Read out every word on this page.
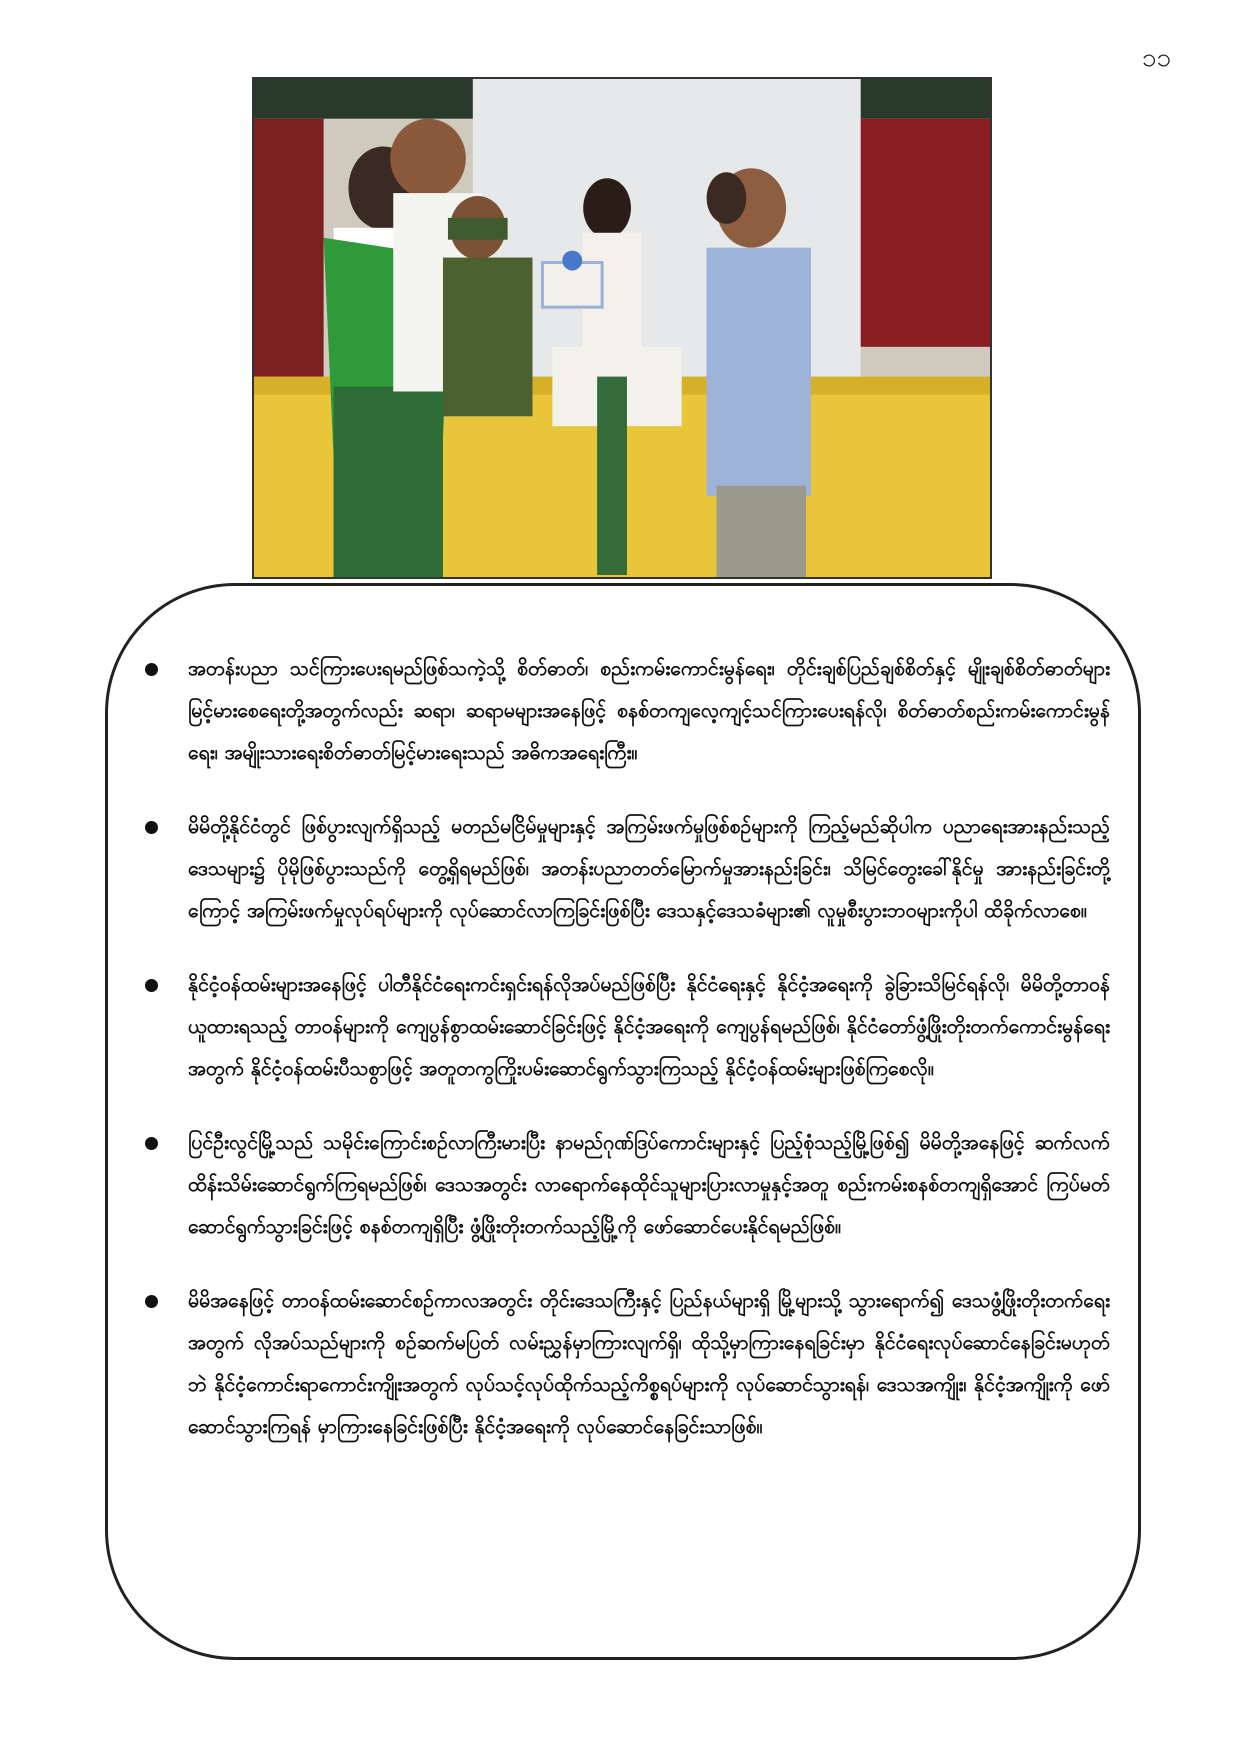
၁၁
အတန်းပညာ သင်ကြားပေးရမည်ဖြစ်သကဲ့သို့ စိတ်ဓာတ်၊ စည်းကမ်းကောင်းမွန်ရေး၊ တိုင်းချစ်ပြည်ချစ်စိတ်နှင့် မျိုးချစ်စိတ်ဓာတ်များ မြင့်မားစေရေးတို့အတွက်လည်း ဆရာ၊ ဆရာမများအနေဖြင့် စနစ်တကျလေ့ကျင့်သင်ကြားပေးရန်လို၊ စိတ်ဓာတ်စည်းကမ်းကောင်းမွန်ရေး၊ အမျိုးသားရေးစိတ်ဓာတ်မြင့်မားရေးသည် အဓိကအရေးကြီး။
မိမိတို့နိုင်ငံတွင် ဖြစ်ပွားလျက်ရှိသည့် မတည်မငြိမ်မှုများနှင့် အကြမ်းဖက်မှုဖြစ်စဉ်များကို ကြည့်မည်ဆိုပါက ပညာရေးအားနည်းသည့်ဒေသများ၌ ပိုမိုဖြစ်ပွားသည်ကို တွေ့ရှိရမည်ဖြစ်၊ အတန်းပညာတတ်မြောက်မှုအားနည်းခြင်း၊ သိမြင်တွေးခေါ်နိုင်မှု အားနည်းခြင်းတို့ကြောင့် အကြမ်းဖက်မှုလုပ်ရပ်များကို လုပ်ဆောင်လာကြခြင်းဖြစ်ပြီး ဒေသနှင့်ဒေသခံများ၏ လူမှုစီးပွားဘဝများကိုပါ ထိခိုက်လာစေ။
နိုင်ငံ့ဝန်ထမ်းများအနေဖြင့် ပါတီနိုင်ငံရေးကင်းရှင်းရန်လိုအပ်မည်ဖြစ်ပြီး နိုင်ငံရေးနှင့် နိုင်ငံ့အရေးကို ခွဲခြားသိမြင်ရန်လို၊ မိမိတို့တာဝန်ယူထားရသည့် တာဝန်များကို ကျေပွန်စွာထမ်းဆောင်ခြင်းဖြင့် နိုင်ငံ့အရေးကို ကျေပွန်ရမည်ဖြစ်၊ နိုင်ငံတော်ဖွံ့ဖြိုးတိုးတက်ကောင်းမွန်ရေးအတွက် နိုင်ငံ့ဝန်ထမ်းပီသစွာဖြင့် အတူတကွကြိုးပမ်းဆောင်ရွက်သွားကြသည့် နိုင်ငံ့ဝန်ထမ်းများဖြစ်ကြစေလို။
ပြင်ဦးလွင်မြို့သည် သမိုင်းကြောင်းစဉ်လာကြီးမားပြီး နာမည်ဂုဏ်ဒြပ်ကောင်းများနှင့် ပြည့်စုံသည့်မြို့ဖြစ်၍ မိမိတို့အနေဖြင့် ဆက်လက်ထိန်းသိမ်းဆောင်ရွက်ကြရမည်ဖြစ်၊ ဒေသအတွင်း လာရောက်နေထိုင်သူများပြားလာမှုနှင့်အတူ စည်းကမ်းစနစ်တကျရှိအောင် ကြပ်မတ်ဆောင်ရွက်သွားခြင်းဖြင့် စနစ်တကျရှိပြီး ဖွံ့ဖြိုးတိုးတက်သည့်မြို့ကို ဖော်ဆောင်ပေးနိုင်ရမည်ဖြစ်။
မိမိအနေဖြင့် တာဝန်ထမ်းဆောင်စဉ်ကာလအတွင်း တိုင်းဒေသကြီးနှင့် ပြည်နယ်များရှိ မြို့များသို့ သွားရောက်၍ ဒေသဖွံ့ဖြိုးတိုးတက်ရေးအတွက် လိုအပ်သည်များကို စဉ်ဆက်မပြတ် လမ်းညွှန်မှာကြားလျက်ရှိ၊ ထိုသို့မှာကြားနေရခြင်းမှာ နိုင်ငံရေးလုပ်ဆောင်နေခြင်းမဟုတ်ဘဲ နိုင်ငံ့ကောင်းရာကောင်းကျိုးအတွက် လုပ်သင့်လုပ်ထိုက်သည့်ကိစ္စရပ်များကို လုပ်ဆောင်သွားရန်၊ ဒေသအကျိုး၊ နိုင်ငံ့အကျိုးကို ဖော်ဆောင်သွားကြရန် မှာကြားနေခြင်းဖြစ်ပြီး နိုင်ငံ့အရေးကို လုပ်ဆောင်နေခြင်းသာဖြစ်။
